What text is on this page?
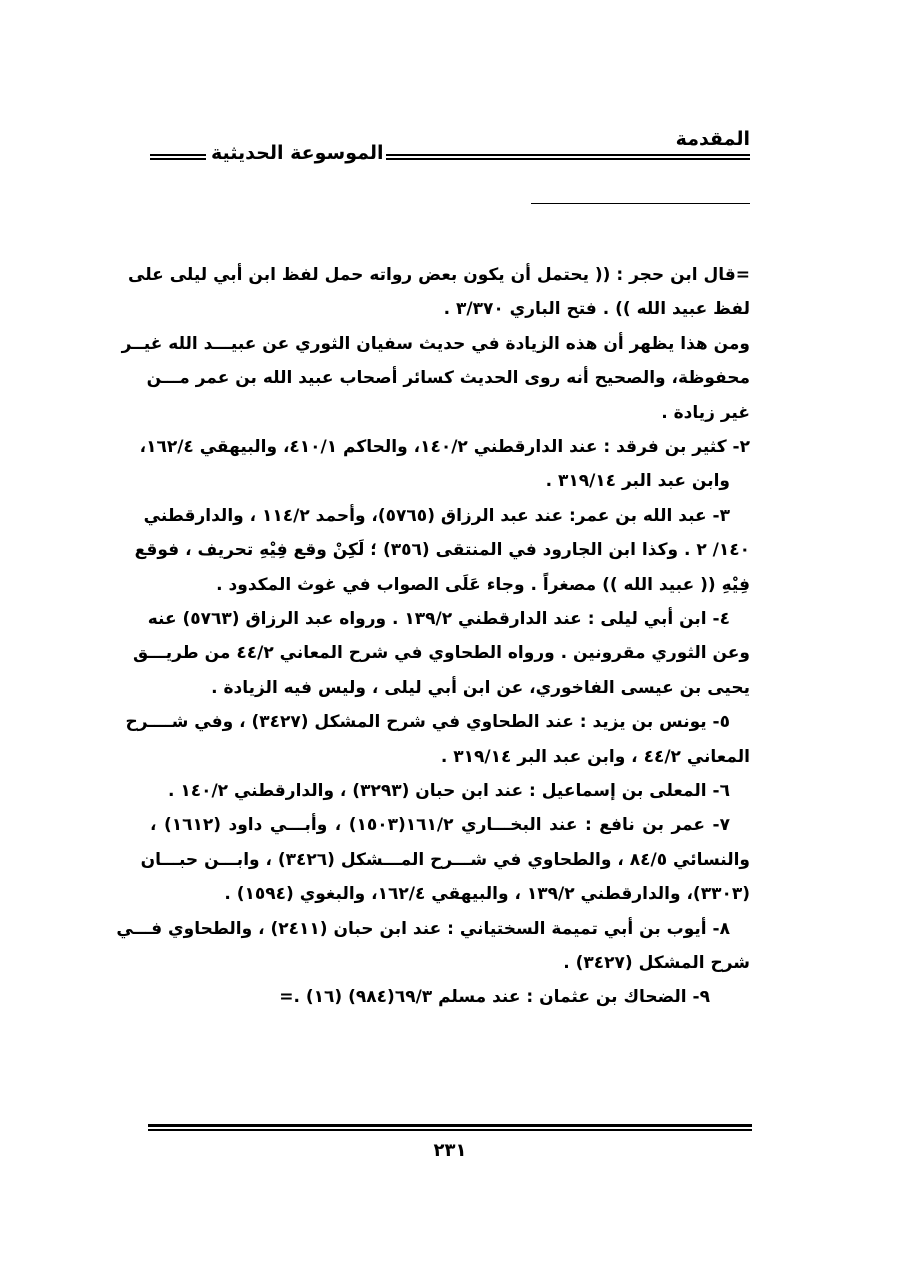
المقدمة
الموسوعة الحديثية
=قال ابن حجر : (( يحتمل أن يكون بعض رواته حمل لفظ ابن أبي ليلى على
لفظ عبيد الله )) . فتح الباري ٣/٣٧٠ .
ومن هذا يظهر أن هذه الزيادة في حديث سفيان الثوري عن عبيـــد الله غيــر
محفوظة، والصحيح أنه روى الحديث كسائر أصحاب عبيد الله بن عمر مـــن
غير زيادة .
٢- كثير بن فرقد : عند الدارقطني ١٤٠/٢، والحاكم ٤١٠/١، والبيهقي ١٦٢/٤،
وابن عبد البر ٣١٩/١٤ .
٣- عبد الله بن عمر: عند عبد الرزاق (٥٧٦٥)، وأحمد ١١٤/٢ ، والدارقطني
١٤٠/ ٢ . وكذا ابن الجارود في المنتقى (٣٥٦) ؛ لَكِنْ وقع فِيْهِ تحريف ، فوقع
فِيْهِ (( عبيد الله )) مصغراً . وجاء عَلَى الصواب في غوث المكدود .
٤- ابن أبي ليلى : عند الدارقطني ١٣٩/٢ . ورواه عبد الرزاق (٥٧٦٣) عنه
وعن الثوري مقرونين . ورواه الطحاوي في شرح المعاني ٤٤/٢ من طريـــق
يحيى بن عيسى الفاخوري، عن ابن أبي ليلى ، وليس فيه الزيادة .
٥- يونس بن يزيد : عند الطحاوي في شرح المشكل (٣٤٢٧) ، وفي شــــرح
المعاني ٤٤/٢ ، وابن عبد البر ٣١٩/١٤ .
٦- المعلى بن إسماعيل : عند ابن حبان (٣٢٩٣) ، والدارقطني ١٤٠/٢ .
٧- عمر بن نافع : عند البخـــاري ١٦١/٢(١٥٠٣) ، وأبـــي داود (١٦١٢) ،
والنسائي ٨٤/٥ ، والطحاوي في شـــرح المـــشكل (٣٤٢٦) ، وابـــن حبـــان
(٣٣٠٣)، والدارقطني ١٣٩/٢ ، والبيهقي ١٦٢/٤، والبغوي (١٥٩٤) .
٨- أيوب بن أبي تميمة السختياني : عند ابن حبان (٢٤١١) ، والطحاوي فـــي
شرح المشكل (٣٤٢٧) .
٩- الضحاك بن عثمان : عند مسلم ٦٩/٣(٩٨٤) (١٦) .=
٢٣١
